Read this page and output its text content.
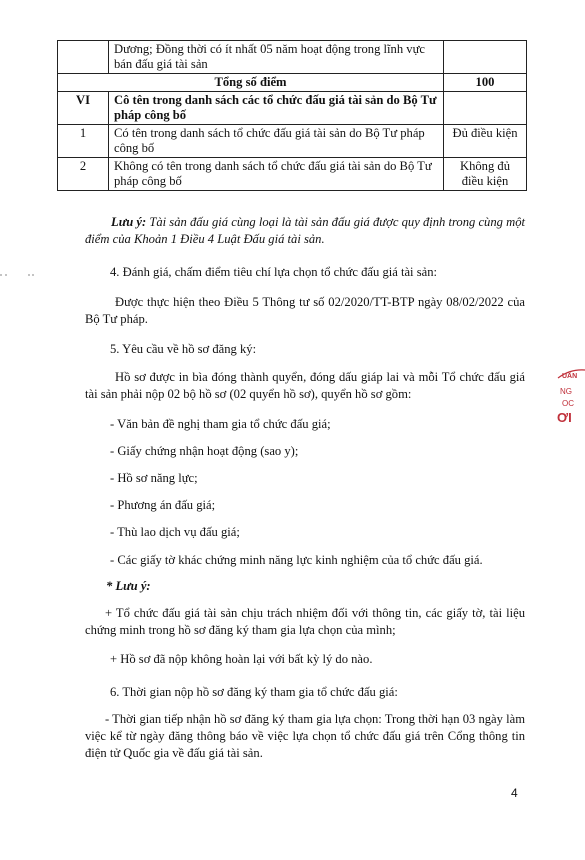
	Dương; Đồng thời có ít nhất 05 năm hoạt động trong lĩnh vực bán đấu giá tài sản	
Tổng số điểm		100
VI	Cô tên trong danh sách các tổ chức đấu giá tài sản do Bộ Tư pháp công bố	
1	Có tên trong danh sách tổ chức đấu giá tài sản do Bộ Tư pháp công bố	Đủ điều kiện
2	Không có tên trong danh sách tổ chức đấu giá tài sản do Bộ Tư pháp công bố	Không đủ điều kiện
Lưu ý: Tài sản đấu giá cùng loại là tài sản đấu giá được quy định trong cùng một điểm của Khoản 1 Điều 4 Luật Đấu giá tài sản.
4. Đánh giá, chấm điểm tiêu chí lựa chọn tổ chức đấu giá tài sản:
Được thực hiện theo Điều 5 Thông tư số 02/2020/TT-BTP ngày 08/02/2022 của Bộ Tư pháp.
5. Yêu cầu về hồ sơ đăng ký:
Hồ sơ được in bìa đóng thành quyển, đóng dấu giáp lai và mỗi Tổ chức đấu giá tài sản phải nộp 02 bộ hồ sơ (02 quyển hồ sơ), quyển hồ sơ gồm:
- Văn bản đề nghị tham gia tổ chức đấu giá;
- Giấy chứng nhận hoạt động (sao y);
- Hồ sơ năng lực;
- Phương án đấu giá;
- Thù lao dịch vụ đấu giá;
- Các giấy tờ khác chứng minh năng lực kinh nghiệm của tổ chức đấu giá.
* Lưu ý:
+ Tổ chức đấu giá tài sản chịu trách nhiệm đối với thông tin, các giấy tờ, tài liệu chứng minh trong hồ sơ đăng ký tham gia lựa chọn của mình;
+ Hồ sơ đã nộp không hoàn lại với bất kỳ lý do nào.
6. Thời gian nộp hồ sơ đăng ký tham gia tổ chức đấu giá:
- Thời gian tiếp nhận hồ sơ đăng ký tham gia lựa chọn: Trong thời hạn 03 ngày làm việc kể từ ngày đăng thông báo về việc lựa chọn tổ chức đấu giá trên Cổng thông tin điện tử Quốc gia về đấu giá tài sản.
4
UẤN
NG
OC
ƠI
